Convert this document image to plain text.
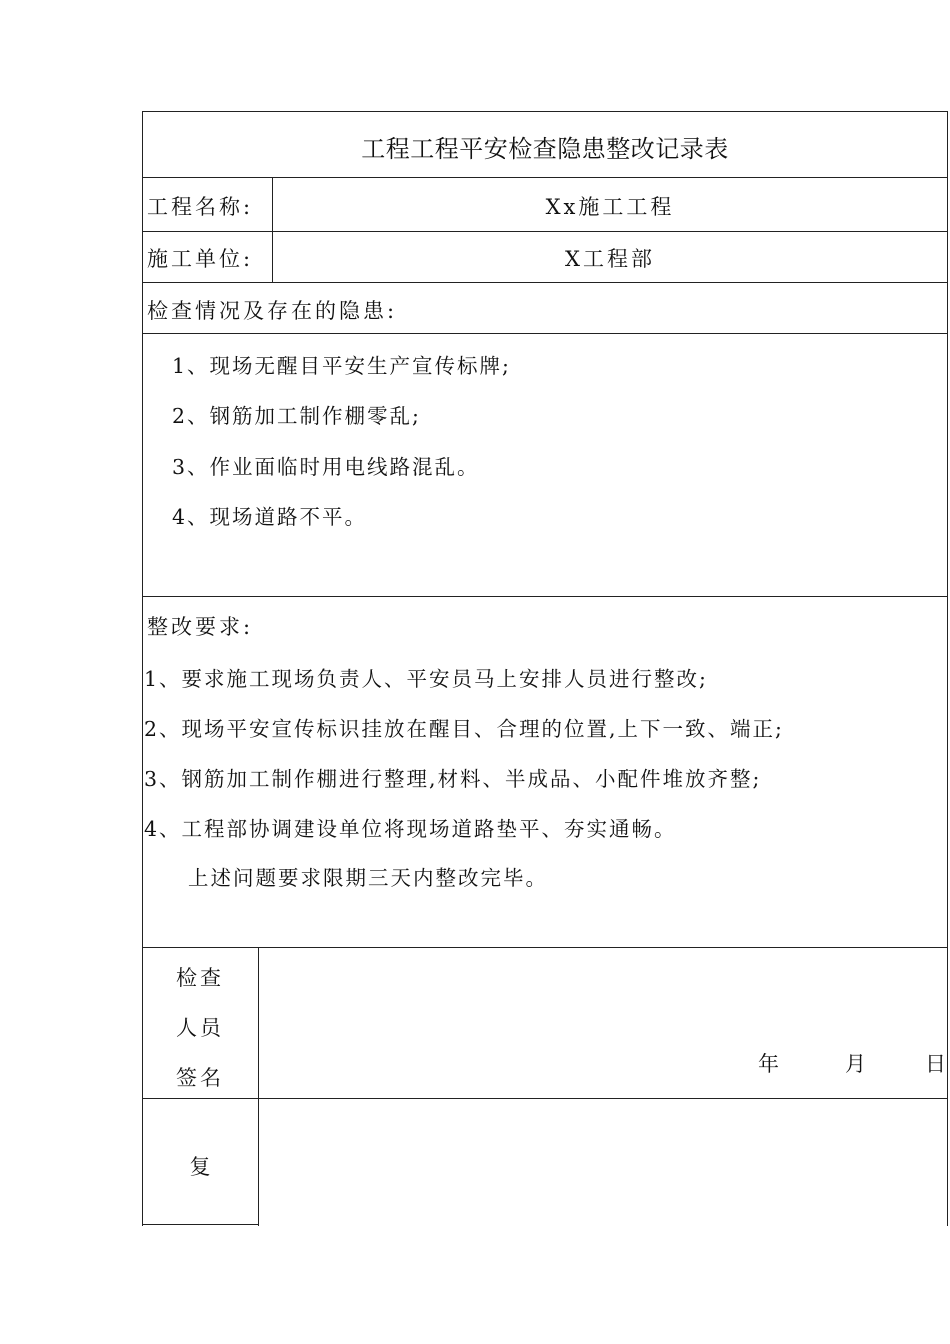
工程工程平安检查隐患整改记录表
工程名称:	Xx施工工程
施工单位:	X工程部
检查情况及存在的隐患:
1、现场无醒目平安生产宣传标牌;
2、钢筋加工制作棚零乱;
3、作业面临时用电线路混乱。
4、现场道路不平。
整改要求:
1、要求施工现场负责人、平安员马上安排人员进行整改;
2、现场平安宣传标识挂放在醒目、合理的位置,上下一致、端正;
3、钢筋加工制作棚进行整理,材料、半成品、小配件堆放齐整;
4、工程部协调建设单位将现场道路垫平、夯实通畅。
上述问题要求限期三天内整改完毕。
检查
人员
签名
年	月	日
复
